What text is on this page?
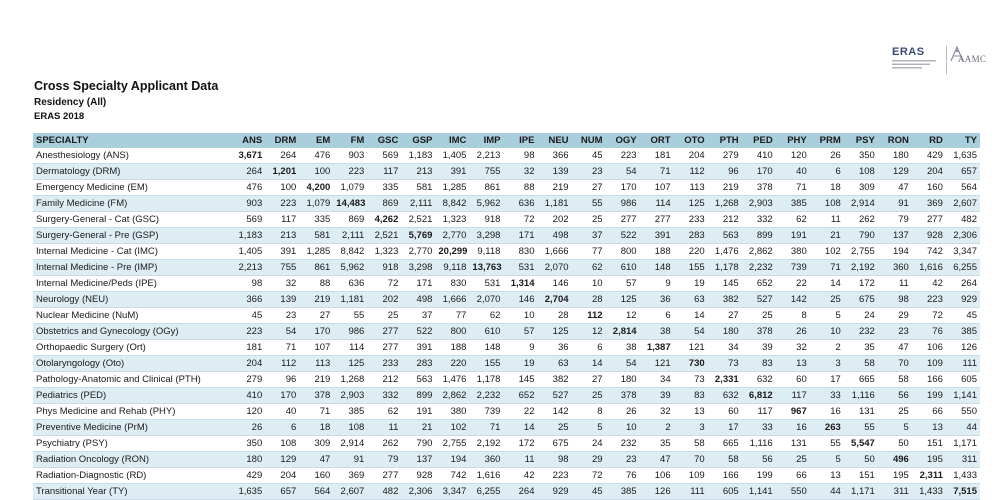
ERAS
AAMC
Cross Specialty Applicant Data
Residency (All)
ERAS 2018
SPECIALTY	ANS	DRM	EM	FM	GSC	GSP	IMC	IMP	IPE	NEU	NUM	OGY	ORT	OTO	PTH	PED	PHY	PRM	PSY	RON	RD	TY
Anesthesiology (ANS)	3,671	264	476	903	569	1,183	1,405	2,213	98	366	45	223	181	204	279	410	120	26	350	180	429	1,635
Dermatology (DRM)	264	1,201	100	223	117	213	391	755	32	139	23	54	71	112	96	170	40	6	108	129	204	657
Emergency Medicine (EM)	476	100	4,200	1,079	335	581	1,285	861	88	219	27	170	107	113	219	378	71	18	309	47	160	564
Family Medicine (FM)	903	223	1,079	14,483	869	2,111	8,842	5,962	636	1,181	55	986	114	125	1,268	2,903	385	108	2,914	91	369	2,607
Surgery-General - Cat (GSC)	569	117	335	869	4,262	2,521	1,323	918	72	202	25	277	277	233	212	332	62	11	262	79	277	482
Surgery-General - Pre (GSP)	1,183	213	581	2,111	2,521	5,769	2,770	3,298	171	498	37	522	391	283	563	899	191	21	790	137	928	2,306
Internal Medicine - Cat (IMC)	1,405	391	1,285	8,842	1,323	2,770	20,299	9,118	830	1,666	77	800	188	220	1,476	2,862	380	102	2,755	194	742	3,347
Internal Medicine - Pre (IMP)	2,213	755	861	5,962	918	3,298	9,118	13,763	531	2,070	62	610	148	155	1,178	2,232	739	71	2,192	360	1,616	6,255
Internal Medicine/Peds (IPE)	98	32	88	636	72	171	830	531	1,314	146	10	57	9	19	145	652	22	14	172	11	42	264
Neurology (NEU)	366	139	219	1,181	202	498	1,666	2,070	146	2,704	28	125	36	63	382	527	142	25	675	98	223	929
Nuclear Medicine (NuM)	45	23	27	55	25	37	77	62	10	28	112	12	6	14	27	25	8	5	24	29	72	45
Obstetrics and Gynecology (OGy)	223	54	170	986	277	522	800	610	57	125	12	2,814	38	54	180	378	26	10	232	23	76	385
Orthopaedic Surgery (Ort)	181	71	107	114	277	391	188	148	9	36	6	38	1,387	121	34	39	32	2	35	47	106	126
Otolaryngology (Oto)	204	112	113	125	233	283	220	155	19	63	14	54	121	730	73	83	13	3	58	70	109	111
Pathology-Anatomic and Clinical (PTH)	279	96	219	1,268	212	563	1,476	1,178	145	382	27	180	34	73	2,331	632	60	17	665	58	166	605
Pediatrics (PED)	410	170	378	2,903	332	899	2,862	2,232	652	527	25	378	39	83	632	6,812	117	33	1,116	56	199	1,141
Phys Medicine and Rehab (PHY)	120	40	71	385	62	191	380	739	22	142	8	26	32	13	60	117	967	16	131	25	66	550
Preventive Medicine (PrM)	26	6	18	108	11	21	102	71	14	25	5	10	2	3	17	33	16	263	55	5	13	44
Psychiatry (PSY)	350	108	309	2,914	262	790	2,755	2,192	172	675	24	232	35	58	665	1,116	131	55	5,547	50	151	1,171
Radiation Oncology (RON)	180	129	47	91	79	137	194	360	11	98	29	23	47	70	58	56	25	5	50	496	195	311
Radiation-Diagnostic (RD)	429	204	160	369	277	928	742	1,616	42	223	72	76	106	109	166	199	66	13	151	195	2,311	1,433
Transitional Year (TY)	1,635	657	564	2,607	482	2,306	3,347	6,255	264	929	45	385	126	111	605	1,141	550	44	1,171	311	1,433	7,515
